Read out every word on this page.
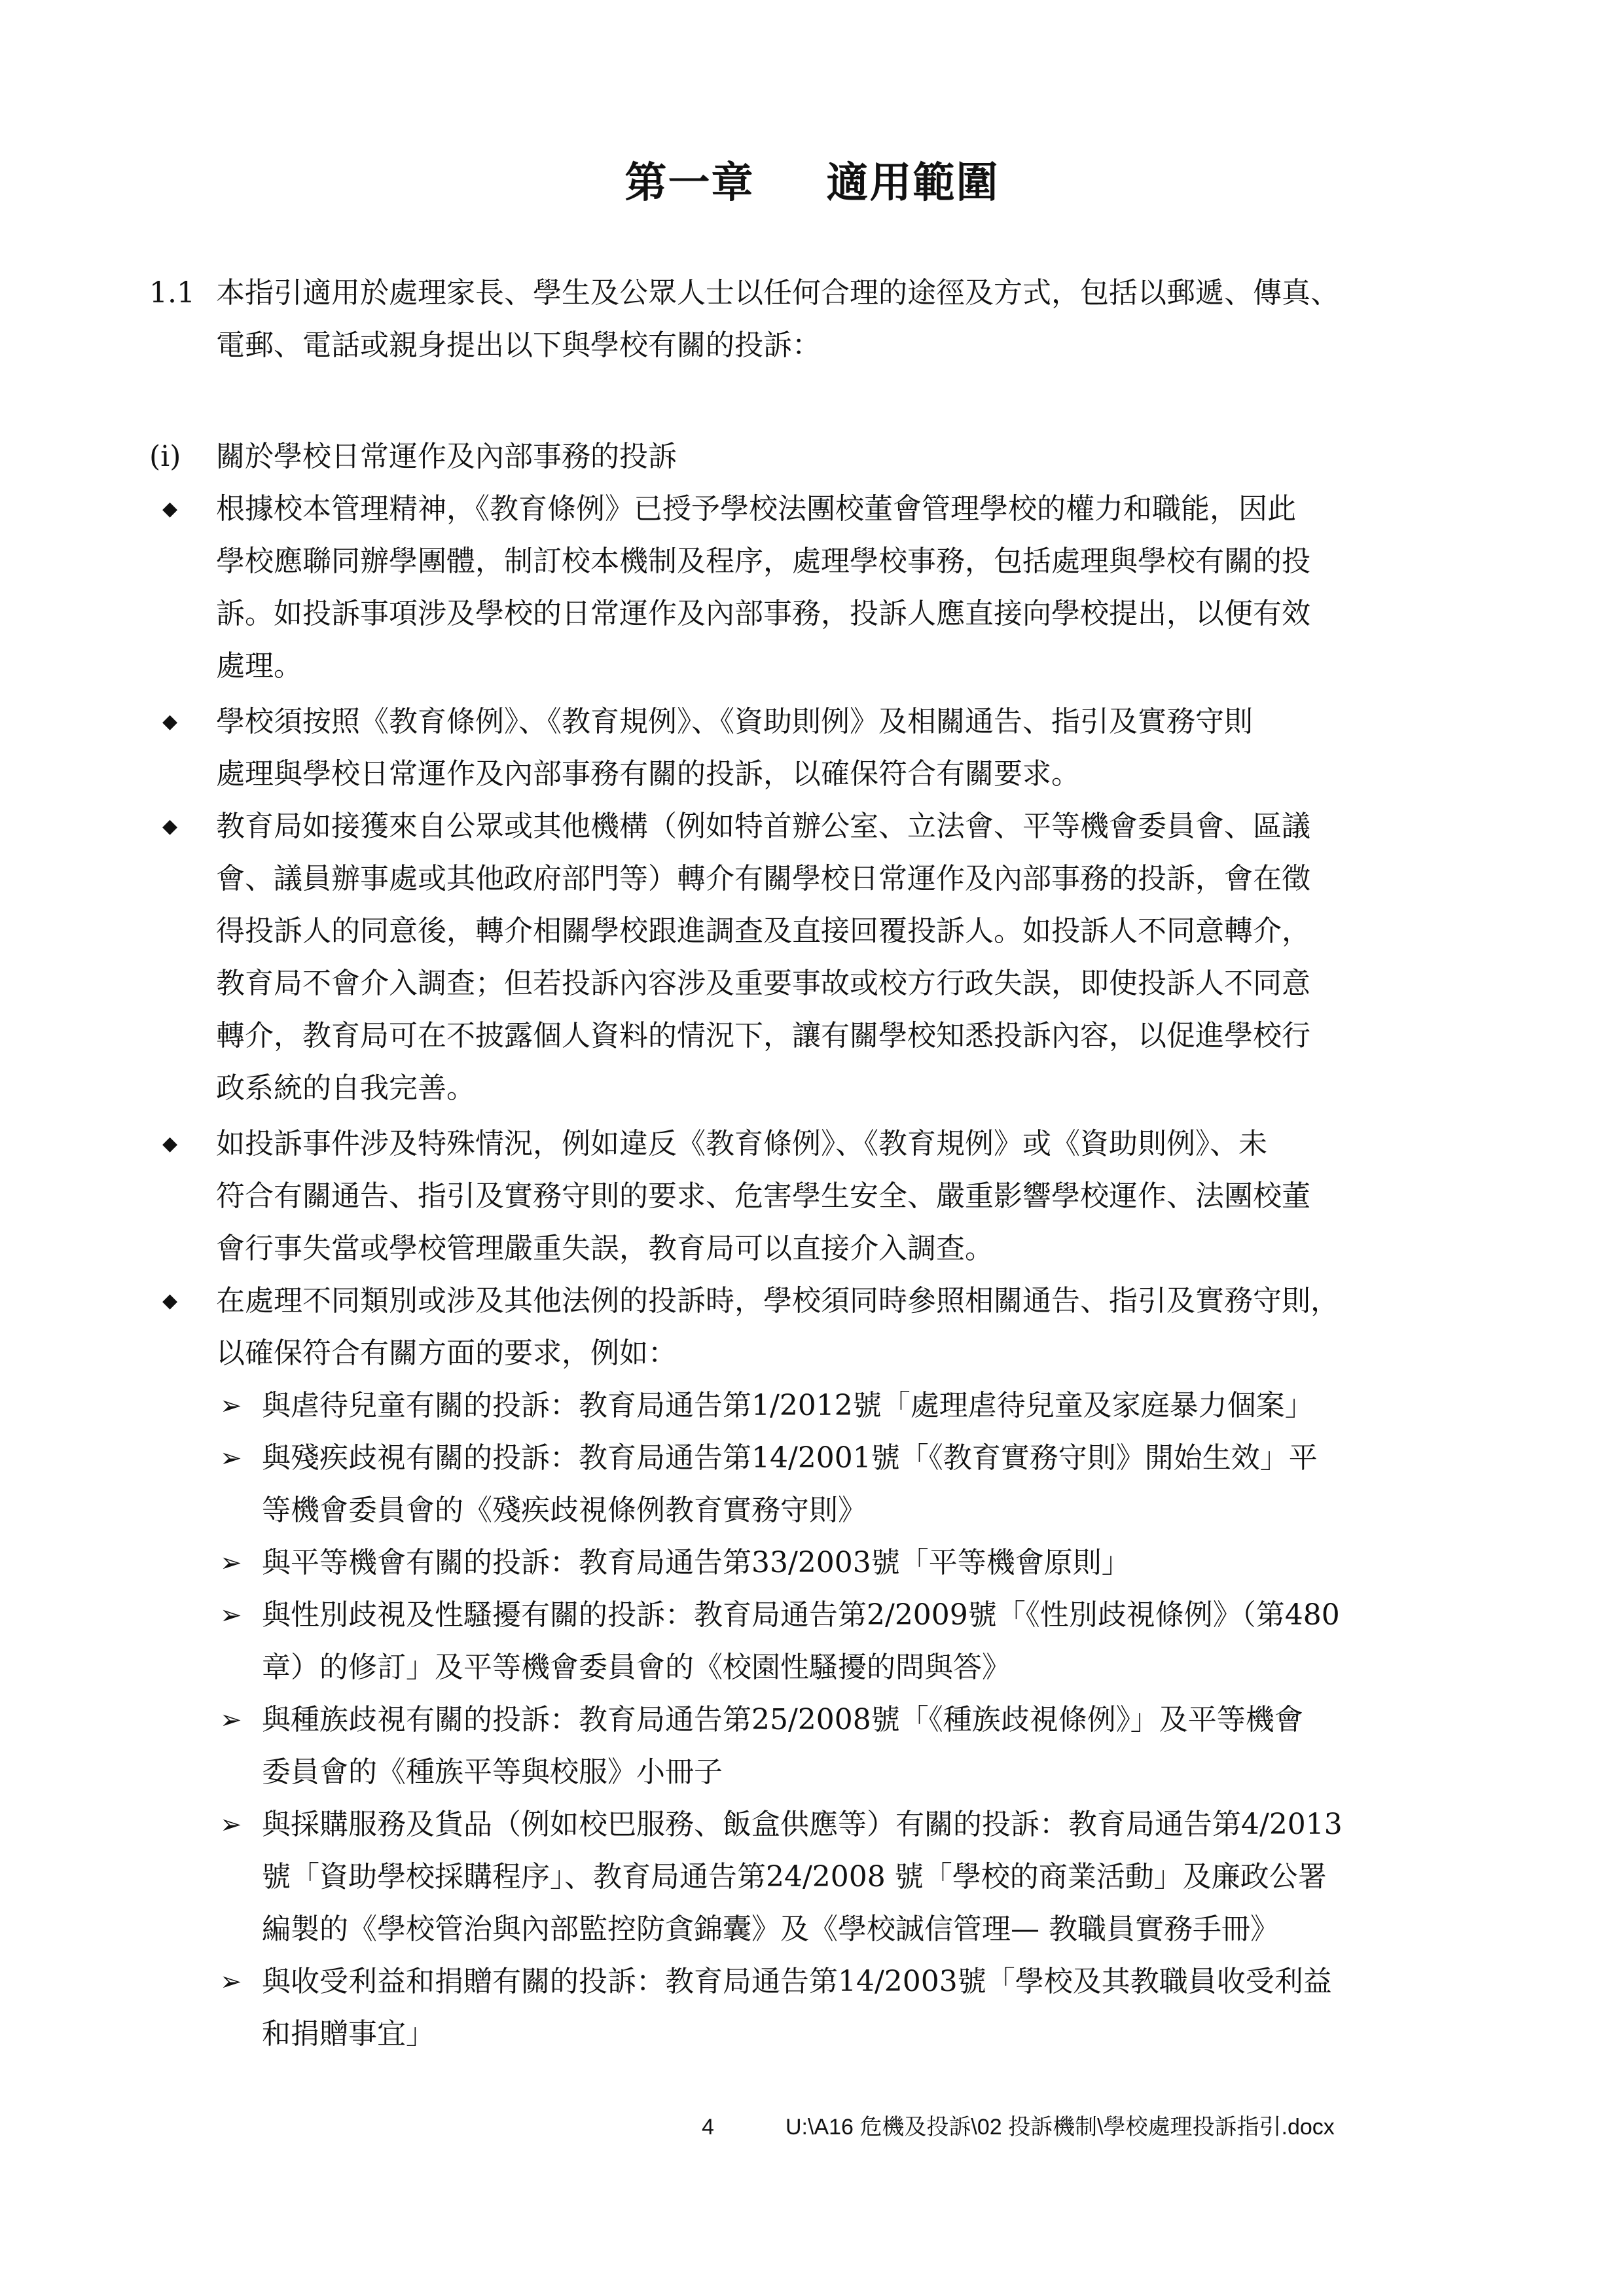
第一章 適用範圍
1.1 本指引適用於處理家長、學生及公眾人士以任何合理的途徑及方式，包括以郵遞、傳真、
電郵、電話或親身提出以下與學校有關的投訴：
(i) 關於學校日常運作及內部事務的投訴
◆ 根據校本管理精神，《教育條例》已授予學校法團校董會管理學校的權力和職能，因此
學校應聯同辦學團體，制訂校本機制及程序，處理學校事務，包括處理與學校有關的投
訴。如投訴事項涉及學校的日常運作及內部事務，投訴人應直接向學校提出，以便有效
處理。
◆ 學校須按照《教育條例》、《教育規例》、《資助則例》及相關通告、指引及實務守則
處理與學校日常運作及內部事務有關的投訴，以確保符合有關要求。
◆ 教育局如接獲來自公眾或其他機構（例如特首辦公室、立法會、平等機會委員會、區議
會、議員辦事處或其他政府部門等）轉介有關學校日常運作及內部事務的投訴，會在徵
得投訴人的同意後，轉介相關學校跟進調查及直接回覆投訴人。如投訴人不同意轉介，
教育局不會介入調查；但若投訴內容涉及重要事故或校方行政失誤，即使投訴人不同意
轉介，教育局可在不披露個人資料的情況下，讓有關學校知悉投訴內容，以促進學校行
政系統的自我完善。
◆ 如投訴事件涉及特殊情況，例如違反《教育條例》、《教育規例》或《資助則例》、未
符合有關通告、指引及實務守則的要求、危害學生安全、嚴重影響學校運作、法團校董
會行事失當或學校管理嚴重失誤，教育局可以直接介入調查。
◆ 在處理不同類別或涉及其他法例的投訴時，學校須同時參照相關通告、指引及實務守則，
以確保符合有關方面的要求，例如：
➢ 與虐待兒童有關的投訴：教育局通告第1/2012號「處理虐待兒童及家庭暴力個案」
➢ 與殘疾歧視有關的投訴：教育局通告第14/2001號「《教育實務守則》開始生效」平
等機會委員會的《殘疾歧視條例教育實務守則》
➢ 與平等機會有關的投訴：教育局通告第33/2003號「平等機會原則」
➢ 與性別歧視及性騷擾有關的投訴：教育局通告第2/2009號「《性別歧視條例》（第480
章）的修訂」及平等機會委員會的《校園性騷擾的問與答》
➢ 與種族歧視有關的投訴：教育局通告第25/2008號「《種族歧視條例》」及平等機會
委員會的《種族平等與校服》小冊子
➢ 與採購服務及貨品（例如校巴服務、飯盒供應等）有關的投訴：教育局通告第4/2013
號「資助學校採購程序」、教育局通告第24/2008 號「學校的商業活動」及廉政公署
編製的《學校管治與內部監控防貪錦囊》及《學校誠信管理— 教職員實務手冊》
➢ 與收受利益和捐贈有關的投訴：教育局通告第14/2003號「學校及其教職員收受利益
和捐贈事宜」
4	U:\A16 危機及投訴\02 投訴機制\學校處理投訴指引.docx
